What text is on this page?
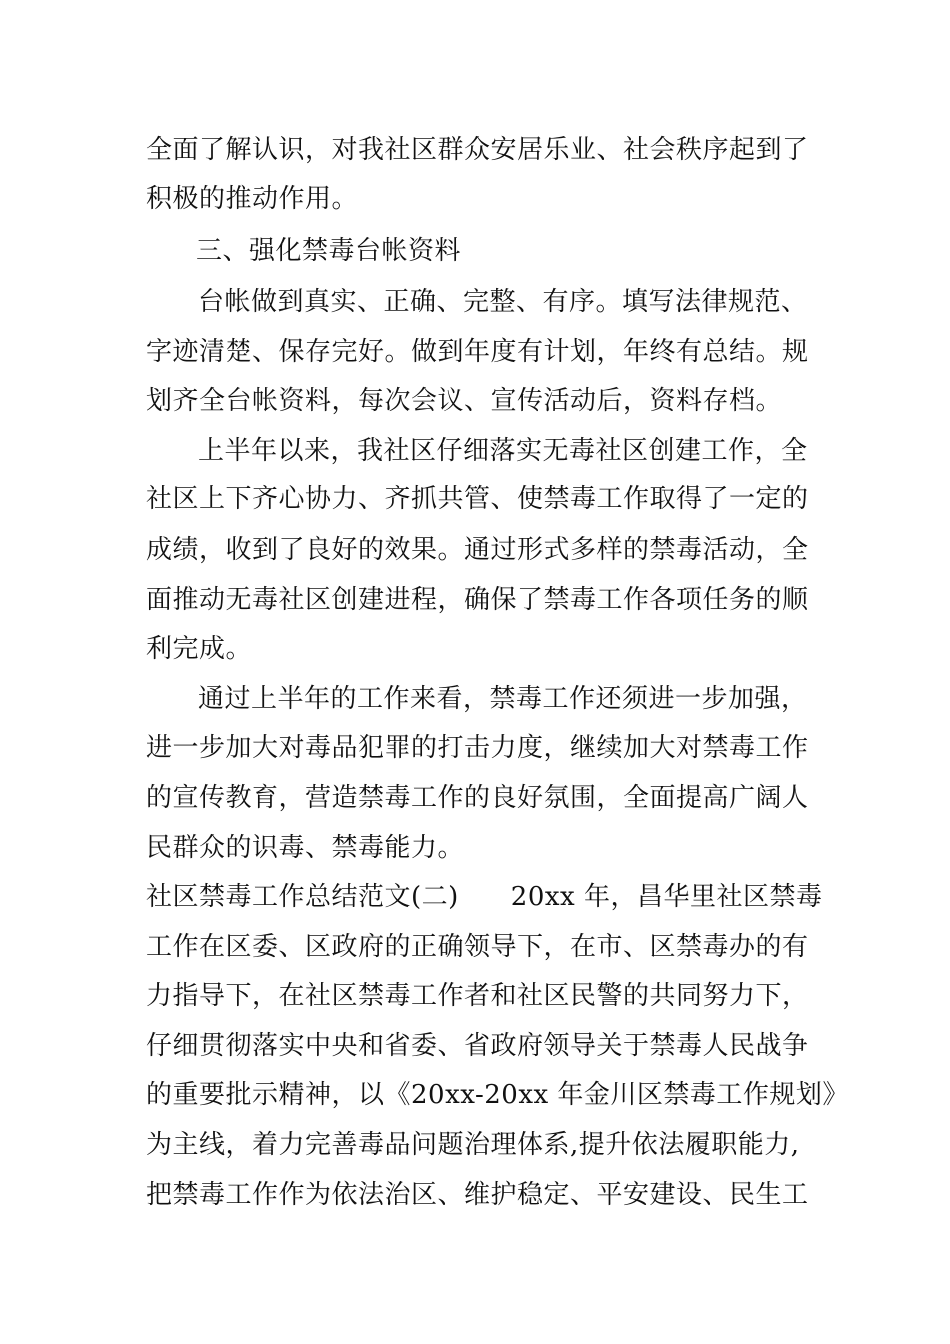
全面了解认识，对我社区群众安居乐业、社会秩序起到了
积极的推动作用。
三、强化禁毒台帐资料
台帐做到真实、正确、完整、有序。填写法律规范、
字迹清楚、保存完好。做到年度有计划，年终有总结。规
划齐全台帐资料，每次会议、宣传活动后，资料存档。
上半年以来，我社区仔细落实无毒社区创建工作，全
社区上下齐心协力、齐抓共管、使禁毒工作取得了一定的
成绩，收到了良好的效果。通过形式多样的禁毒活动，全
面推动无毒社区创建进程，确保了禁毒工作各项任务的顺
利完成。
通过上半年的工作来看，禁毒工作还须进一步加强，
进一步加大对毒品犯罪的打击力度，继续加大对禁毒工作
的宣传教育，营造禁毒工作的良好氛围，全面提高广阔人
民群众的识毒、禁毒能力。
社区禁毒工作总结范文(二) 20xx 年，昌华里社区禁毒
工作在区委、区政府的正确领导下，在市、区禁毒办的有
力指导下，在社区禁毒工作者和社区民警的共同努力下，
仔细贯彻落实中央和省委、省政府领导关于禁毒人民战争
的重要批示精神，以《20xx-20xx 年金川区禁毒工作规划》
为主线，着力完善毒品问题治理体系,提升依法履职能力,
把禁毒工作作为依法治区、维护稳定、平安建设、民生工
